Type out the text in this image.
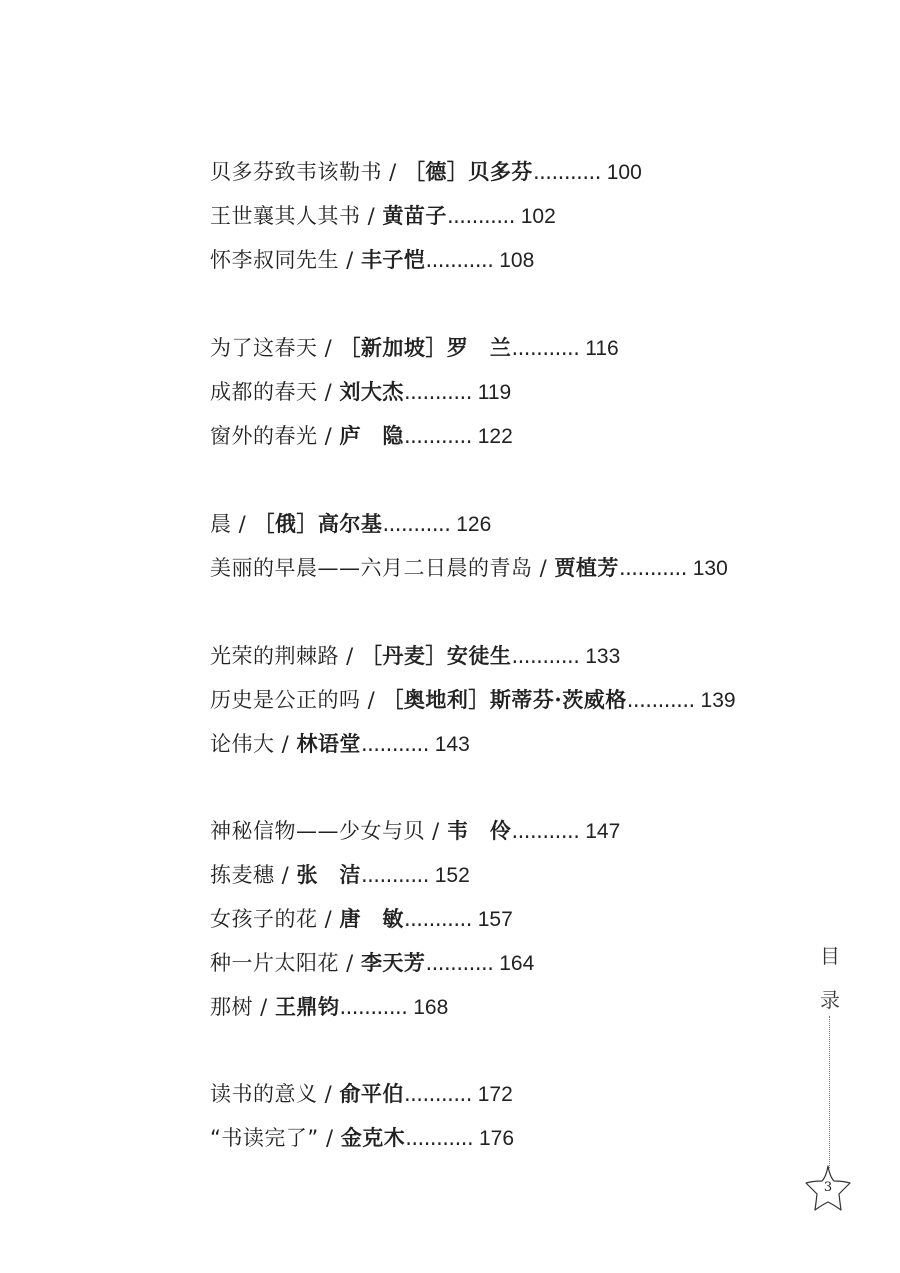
贝多芬致韦该勒书 / ［德］贝多芬........... 100
王世襄其人其书 / 黄苗子........... 102
怀李叔同先生 / 丰子恺........... 108
为了这春天 / ［新加坡］罗　兰........... 116
成都的春天 / 刘大杰........... 119
窗外的春光 / 庐　隐........... 122
晨 / ［俄］高尔基........... 126
美丽的早晨——六月二日晨的青岛 / 贾植芳........... 130
光荣的荆棘路 / ［丹麦］安徒生........... 133
历史是公正的吗 / ［奥地利］斯蒂芬·茨威格........... 139
论伟大 / 林语堂........... 143
神秘信物——少女与贝 / 韦　伶........... 147
拣麦穗 / 张　洁........... 152
女孩子的花 / 唐　敏........... 157
种一片太阳花 / 李天芳........... 164
那树 / 王鼎钧........... 168
读书的意义 / 俞平伯........... 172
“书读完了” / 金克木........... 176
目
录
3
